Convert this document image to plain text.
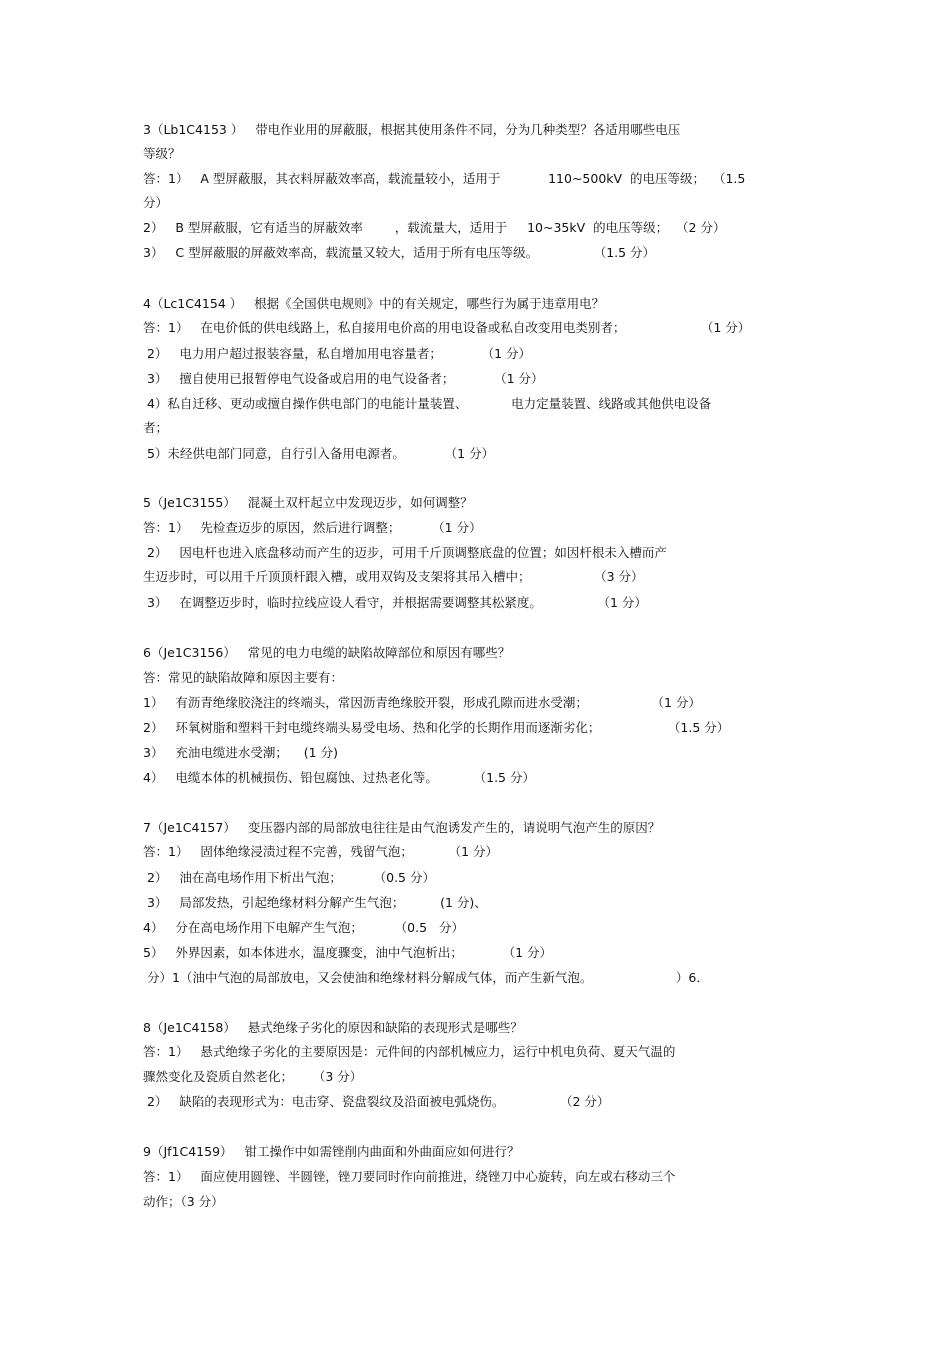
3（Lb1C4153 ）   带电作业用的屏蔽服，根据其使用条件不同，分为几种类型？各适用哪些电压
等级？
答：1）   A 型屏蔽服，其衣料屏蔽效率高，载流量较小，适用于            110~500kV  的电压等级；  （1.5
分）
2）   B 型屏蔽服，它有适当的屏蔽效率        ，载流量大，适用于     10~35kV  的电压等级；  （2 分）
3）   C 型屏蔽服的屏蔽效率高，载流量又较大，适用于所有电压等级。              （1.5 分）
4（Lc1C4154 ）   根据《全国供电规则》中的有关规定，哪些行为属于违章用电？
答：1）   在电价低的供电线路上，私自接用电价高的用电设备或私自改变用电类别者；                   （1 分）
2）   电力用户超过报装容量，私自增加用电容量者；          （1 分）
3）   擅自使用已报暂停电气设备或启用的电气设备者；          （1 分）
4）私自迁移、更动或擅自操作供电部门的电能计量装置、           电力定量装置、线路或其他供电设备
者；
5）未经供电部门同意，自行引入备用电源者。          （1 分）
5（Je1C3155）   混凝土双杆起立中发现迈步，如何调整？
答：1）   先检查迈步的原因，然后进行调整；        （1 分）
2）   因电杆也进入底盘移动而产生的迈步，可用千斤顶调整底盘的位置；如因杆根未入槽而产
生迈步时，可以用千斤顶顶杆跟入槽，或用双钩及支架将其吊入槽中；                （3 分）
3）   在调整迈步时，临时拉线应设人看守，并根据需要调整其松紧度。              （1 分）
6（Je1C3156）   常见的电力电缆的缺陷故障部位和原因有哪些？
答：常见的缺陷故障和原因主要有：
1）   有沥青绝缘胶浇注的终端头，常因沥青绝缘胶开裂，形成孔隙而进水受潮；                （1 分）
2）   环氧树脂和塑料干封电缆终端头易受电场、热和化学的长期作用而逐渐劣化；                 （1.5 分）
3）   充油电缆进水受潮；    (1 分)
4）   电缆本体的机械损伤、铅包腐蚀、过热老化等。         （1.5 分）
7（Je1C4157）   变压器内部的局部放电往往是由气泡诱发产生的，请说明气泡产生的原因？
答：1）   固体绝缘浸渍过程不完善，残留气泡；         （1 分）
2）   油在高电场作用下析出气泡；        （0.5 分）
3）   局部发热，引起绝缘材料分解产生气泡；         (1 分)、
4）   分在高电场作用下电解产生气泡；        （0.5   分）
5）   外界因素，如本体进水，温度骤变，油中气泡析出；          （1 分）
分）1（油中气泡的局部放电，又会使油和绝缘材料分解成气体，而产生新气泡。                     ）6．
8（Je1C4158）   悬式绝缘子劣化的原因和缺陷的表现形式是哪些？
答：1）   悬式绝缘子劣化的主要原因是：元件间的内部机械应力，运行中机电负荷、夏天气温的
骤然变化及瓷质自然老化；     （3 分）
2）   缺陷的表现形式为：电击穿、瓷盘裂纹及沿面被电弧烧伤。              （2 分）
9（Jf1C4159）   钳工操作中如需锉削内曲面和外曲面应如何进行？
答：1）   面应使用圆锉、半圆锉，锉刀要同时作向前推进，绕锉刀中心旋转，向左或右移动三个
动作；（3 分）
